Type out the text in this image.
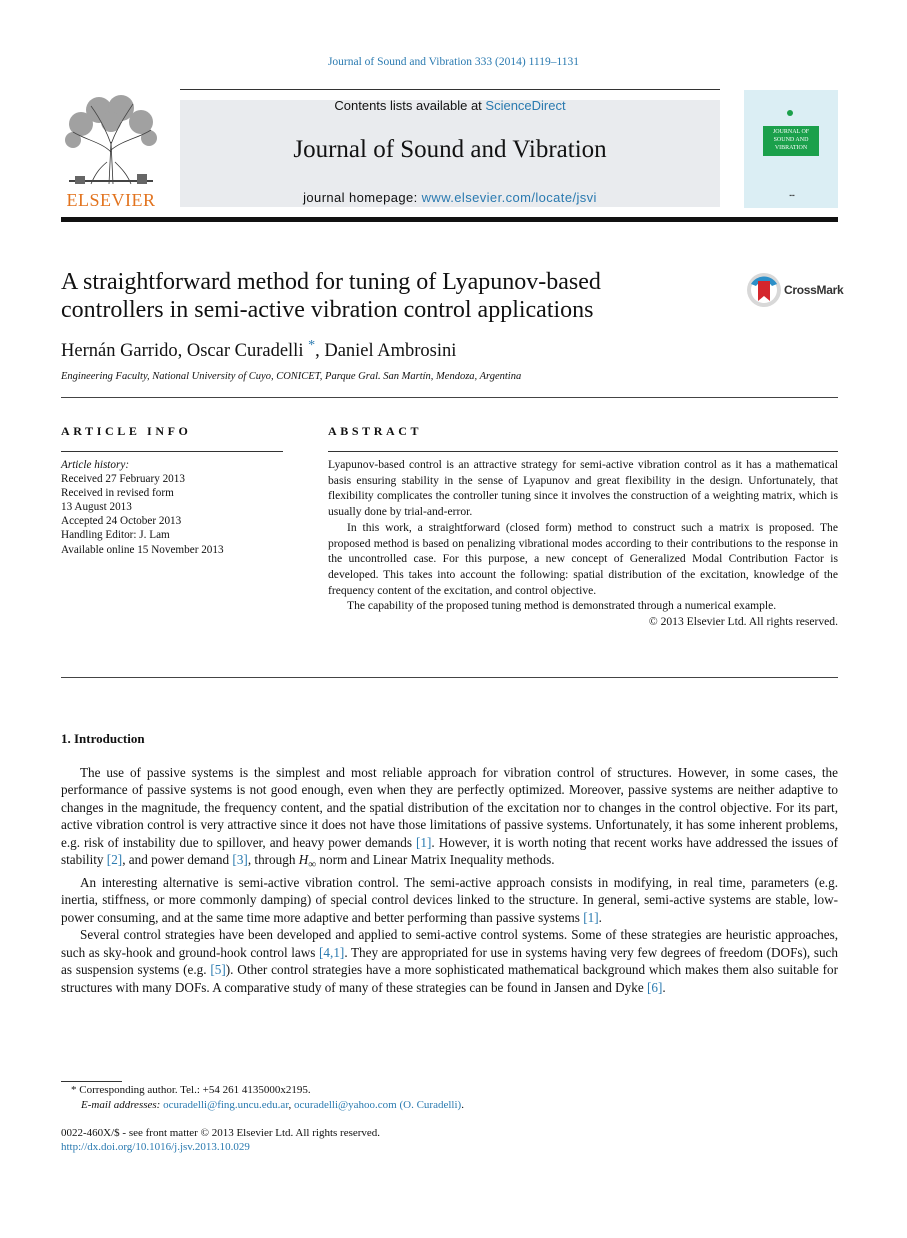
Journal of Sound and Vibration 333 (2014) 1119–1131
ELSEVIER
Contents lists available at ScienceDirect
Journal of Sound and Vibration
journal homepage: www.elsevier.com/locate/jsvi
JOURNAL OF SOUND AND VIBRATION
▪▪▪
A straightforward method for tuning of Lyapunov-based
controllers in semi-active vibration control applications
CrossMark
Hernán Garrido, Oscar Curadelli *, Daniel Ambrosini
Engineering Faculty, National University of Cuyo, CONICET, Parque Gral. San Martín, Mendoza, Argentina
ARTICLE INFO
Article history:
Received 27 February 2013
Received in revised form
13 August 2013
Accepted 24 October 2013
Handling Editor: J. Lam
Available online 15 November 2013
ABSTRACT

Lyapunov-based control is an attractive strategy for semi-active vibration control as it has a mathematical basis ensuring stability in the sense of Lyapunov and great flexibility in the design. Unfortunately, that flexibility complicates the controller tuning since it involves the construction of a weighting matrix, which is usually done by trial-and-error.

In this work, a straightforward (closed form) method to construct such a matrix is proposed. The proposed method is based on penalizing vibrational modes according to their contributions to the response in the uncontrolled case. For this purpose, a new concept of Generalized Modal Contribution Factor is developed. This takes into account the following: spatial distribution of the excitation, knowledge of the frequency content of the excitation, and control objective.

The capability of the proposed tuning method is demonstrated through a numerical example.

© 2013 Elsevier Ltd. All rights reserved.

1. Introduction

The use of passive systems is the simplest and most reliable approach for vibration control of structures. However, in some cases, the performance of passive systems is not good enough, even when they are perfectly optimized. Moreover, passive systems are neither adaptive to changes in the magnitude, the frequency content, and the spatial distribution of the excitation nor to changes in the control objective. For its part, active vibration control is very attractive since it does not have those limitations of passive systems. Unfortunately, it has some inherent problems, e.g. risk of instability due to spillover, and heavy power demands [1]. However, it is worth noting that recent works have addressed the issues of stability [2], and power demand [3], through $H_\infty$ norm and Linear Matrix Inequality methods.

An interesting alternative is semi-active vibration control. The semi-active approach consists in modifying, in real time, parameters (e.g. inertia, stiffness, or more commonly damping) of special control devices linked to the structure. In general, semi-active systems are stable, low-power consuming, and at the same time more adaptive and better performing than passive systems [1].

Several control strategies have been developed and applied to semi-active control systems. Some of these strategies are heuristic approaches, such as sky-hook and ground-hook control laws [4,1]. They are appropriated for use in systems having very few degrees of freedom (DOFs), such as suspension systems (e.g. [5]). Other control strategies have a more sophisticated mathematical background which makes them also suitable for structures with many DOFs. A comparative study of many of these strategies can be found in Jansen and Dyke [6].

* Corresponding author. Tel.: +54 261 4135000x2195.
E-mail addresses: ocuradelli@fing.uncu.edu.ar, ocuradelli@yahoo.com (O. Curadelli).
0022-460X/$ - see front matter © 2013 Elsevier Ltd. All rights reserved.
http://dx.doi.org/10.1016/j.jsv.2013.10.029
